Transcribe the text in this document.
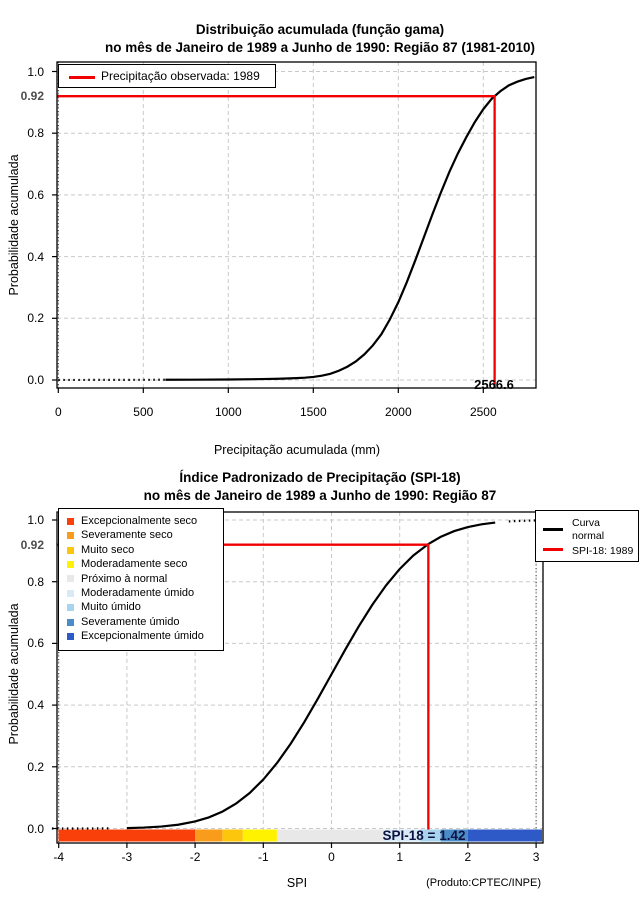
Distribuição acumulada (função gama)
no mês de Janeiro de 1989 a Junho de 1990: Região 87 (1981-2010)
Probabilidade acumulada
Precipitação acumulada (mm)
0.92
Precipitação observada: 1989
2566.6
Índice Padronizado de Precipitação (SPI-18)
no mês de Janeiro de 1989 a Junho de 1990: Região 87
Probabilidade acumulada
SPI	(Produto:CPTEC/INPE)
0.92
Excepcionalmente seco
Severamente seco
Muito seco
Moderadamente seco
Próximo à normal
Moderadamente úmido
Muito úmido
Severamente úmido
Excepcionalmente úmido
Curva
normal
SPI-18: 1989
SPI-18 = 1.42
0	500	1000	1500	2000	2500
1.0
0.8
0.6
0.4
0.2
0.0
-4	-3	-2	-1	0	1	2	3
1.0
0.8
0.6
0.4
0.2
0.0
